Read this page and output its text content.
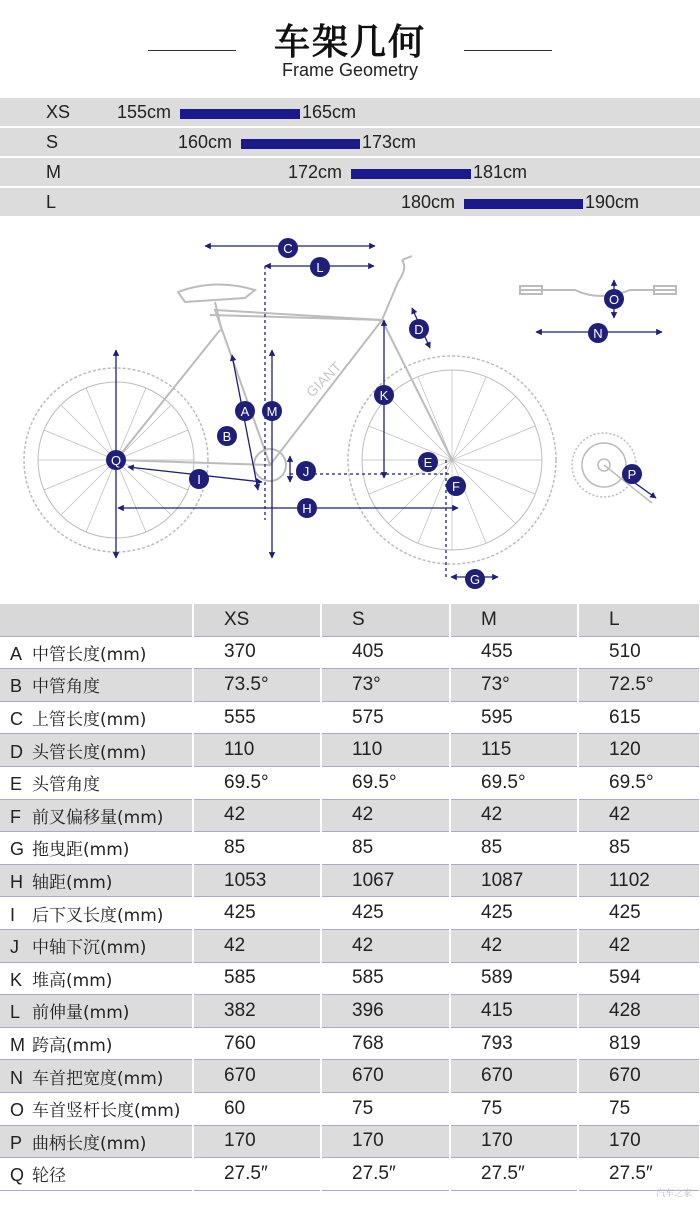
车架几何
Frame Geometry
XS	155cm	165cm
S	160cm	173cm
M	172cm	181cm
L	180cm	190cm
GIANT
C
L
D
K
A M
B
Q	E
J
F
I
H
G
O
N
P
	XS	S	M	L
A 中管长度(mm)	370	405	455	510
B 中管角度	73.5°	73°	73°	72.5°
C 上管长度(mm)	555	575	595	615
D 头管长度(mm)	110	110	115	120
E 头管角度	69.5°	69.5°	69.5°	69.5°
F 前叉偏移量(mm)	42	42	42	42
G 拖曳距(mm)	85	85	85	85
H 轴距(mm)	1053	1067	1087	1102
I 后下叉长度(mm)	425	425	425	425
J 中轴下沉(mm)	42	42	42	42
K 堆高(mm)	585	585	589	594
L 前伸量(mm)	382	396	415	428
M 跨高(mm)	760	768	793	819
N 车首把宽度(mm)	670	670	670	670
O 车首竖杆长度(mm)	60	75	75	75
P 曲柄长度(mm)	170	170	170	170
Q 轮径	27.5″	27.5″	27.5″	27.5″
汽车之家
